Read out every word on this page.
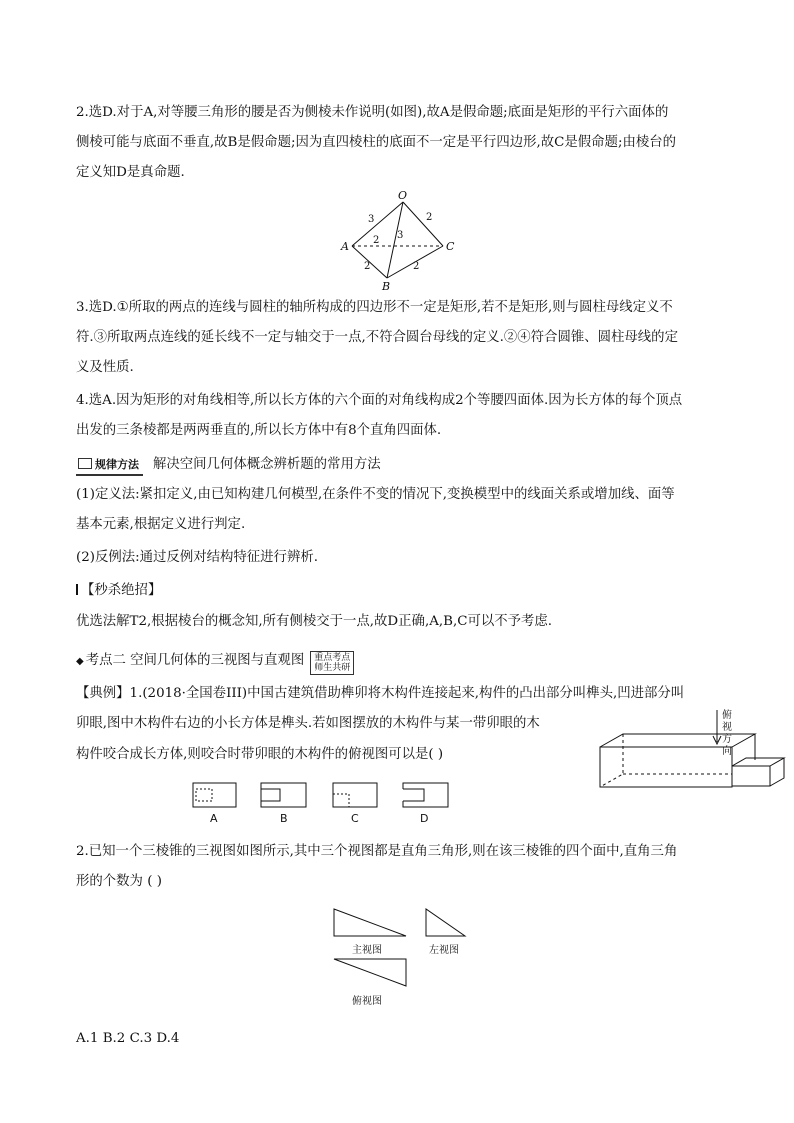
2.选D.对于A,对等腰三角形的腰是否为侧棱未作说明(如图),故A是假命题;底面是矩形的平行六面体的
侧棱可能与底面不垂直,故B是假命题;因为直四棱柱的底面不一定是平行四边形,故C是假命题;由棱台的
定义知D是真命题.
O
A
B
C
3	2
2 3
2	2
3.选D.①所取的两点的连线与圆柱的轴所构成的四边形不一定是矩形,若不是矩形,则与圆柱母线定义不
符.③所取两点连线的延长线不一定与轴交于一点,不符合圆台母线的定义.②④符合圆锥、圆柱母线的定
义及性质.
4.选A.因为矩形的对角线相等,所以长方体的六个面的对角线构成2个等腰四面体.因为长方体的每个顶点
出发的三条棱都是两两垂直的,所以长方体中有8个直角四面体.
规律方法 解决空间几何体概念辨析题的常用方法
(1)定义法:紧扣定义,由已知构建几何模型,在条件不变的情况下,变换模型中的线面关系或增加线、面等
基本元素,根据定义进行判定.
(2)反例法:通过反例对结构特征进行辨析.
【秒杀绝招】
优选法解T2,根据棱台的概念知,所有侧棱交于一点,故D正确,A,B,C可以不予考虑.
◆ 考点二 空间几何体的三视图与直观图 重点考点
师生共研
【典例】1.(2018·全国卷III)中国古建筑借助榫卯将木构件连接起来,构件的凸出部分叫榫头,凹进部分叫
卯眼,图中木构件右边的小长方体是榫头.若如图摆放的木构件与某一带卯眼的木
构件咬合成长方体,则咬合时带卯眼的木构件的俯视图可以是( )
俯
视
方
向
A	B	C	D
2.已知一个三棱锥的三视图如图所示,其中三个视图都是直角三角形,则在该三棱锥的四个面中,直角三角
形的个数为 ( )
主视图	左视图
俯视图
A.1 B.2 C.3 D.4
